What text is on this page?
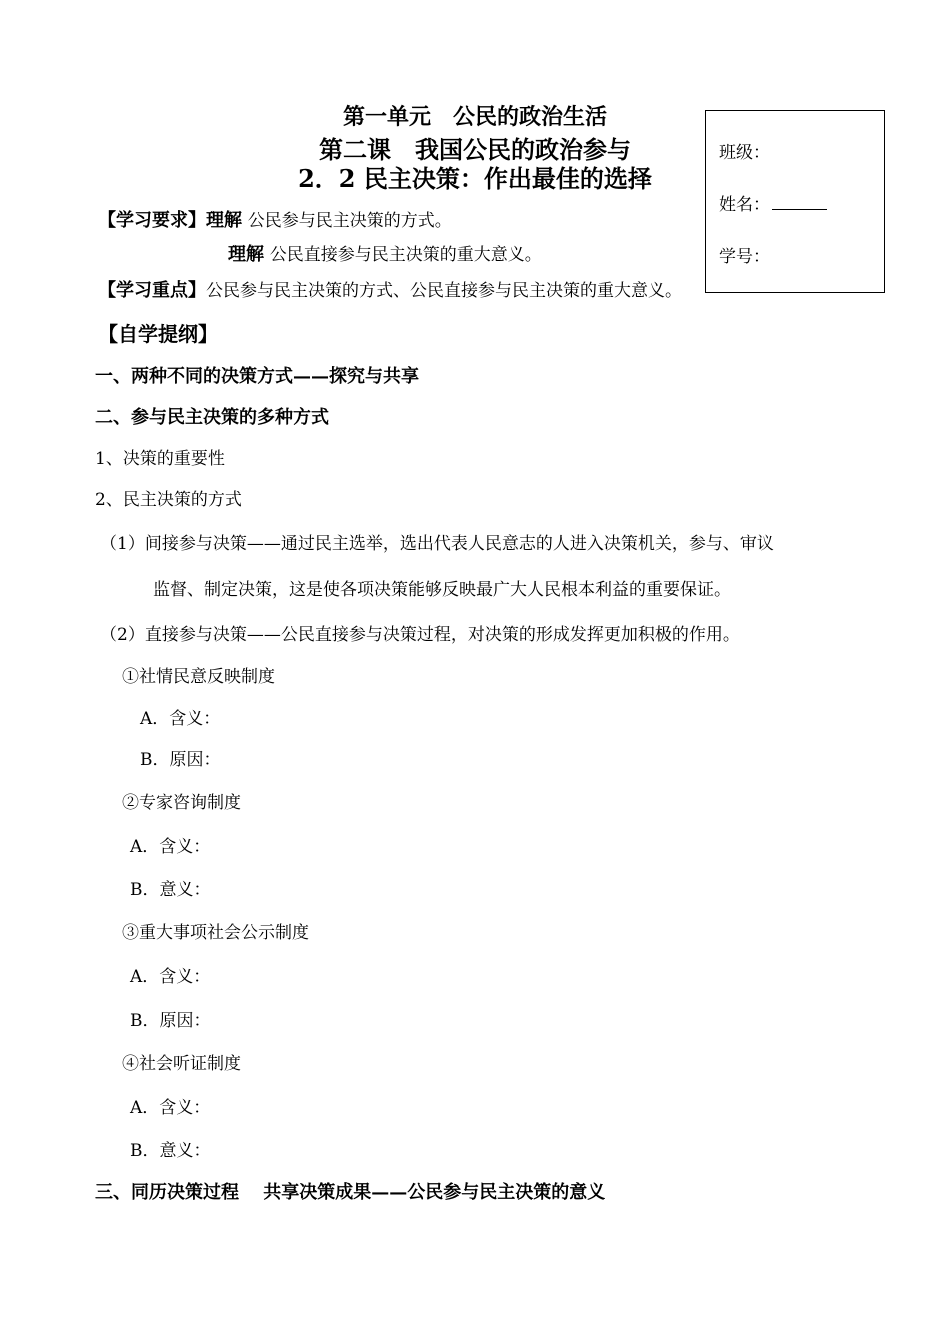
第一单元　公民的政治生活
第二课　我国公民的政治参与
2．2 民主决策：作出最佳的选择
【学习要求】理解 公民参与民主决策的方式。
理解 公民直接参与民主决策的重大意义。
【学习重点】公民参与民主决策的方式、公民直接参与民主决策的重大意义。
班级：
姓名：
学号：
【自学提纲】
一、两种不同的决策方式——探究与共享
二、参与民主决策的多种方式
1、决策的重要性
2、民主决策的方式
（1）间接参与决策——通过民主选举，选出代表人民意志的人进入决策机关，参与、审议
监督、制定决策，这是使各项决策能够反映最广大人民根本利益的重要保证。
（2）直接参与决策——公民直接参与决策过程，对决策的形成发挥更加积极的作用。
①社情民意反映制度
A．含义：
B．原因：
②专家咨询制度
A．含义：
B．意义：
③重大事项社会公示制度
A．含义：
B．原因：
④社会听证制度
A．含义：
B．意义：
三、同历决策过程　 共享决策成果——公民参与民主决策的意义
